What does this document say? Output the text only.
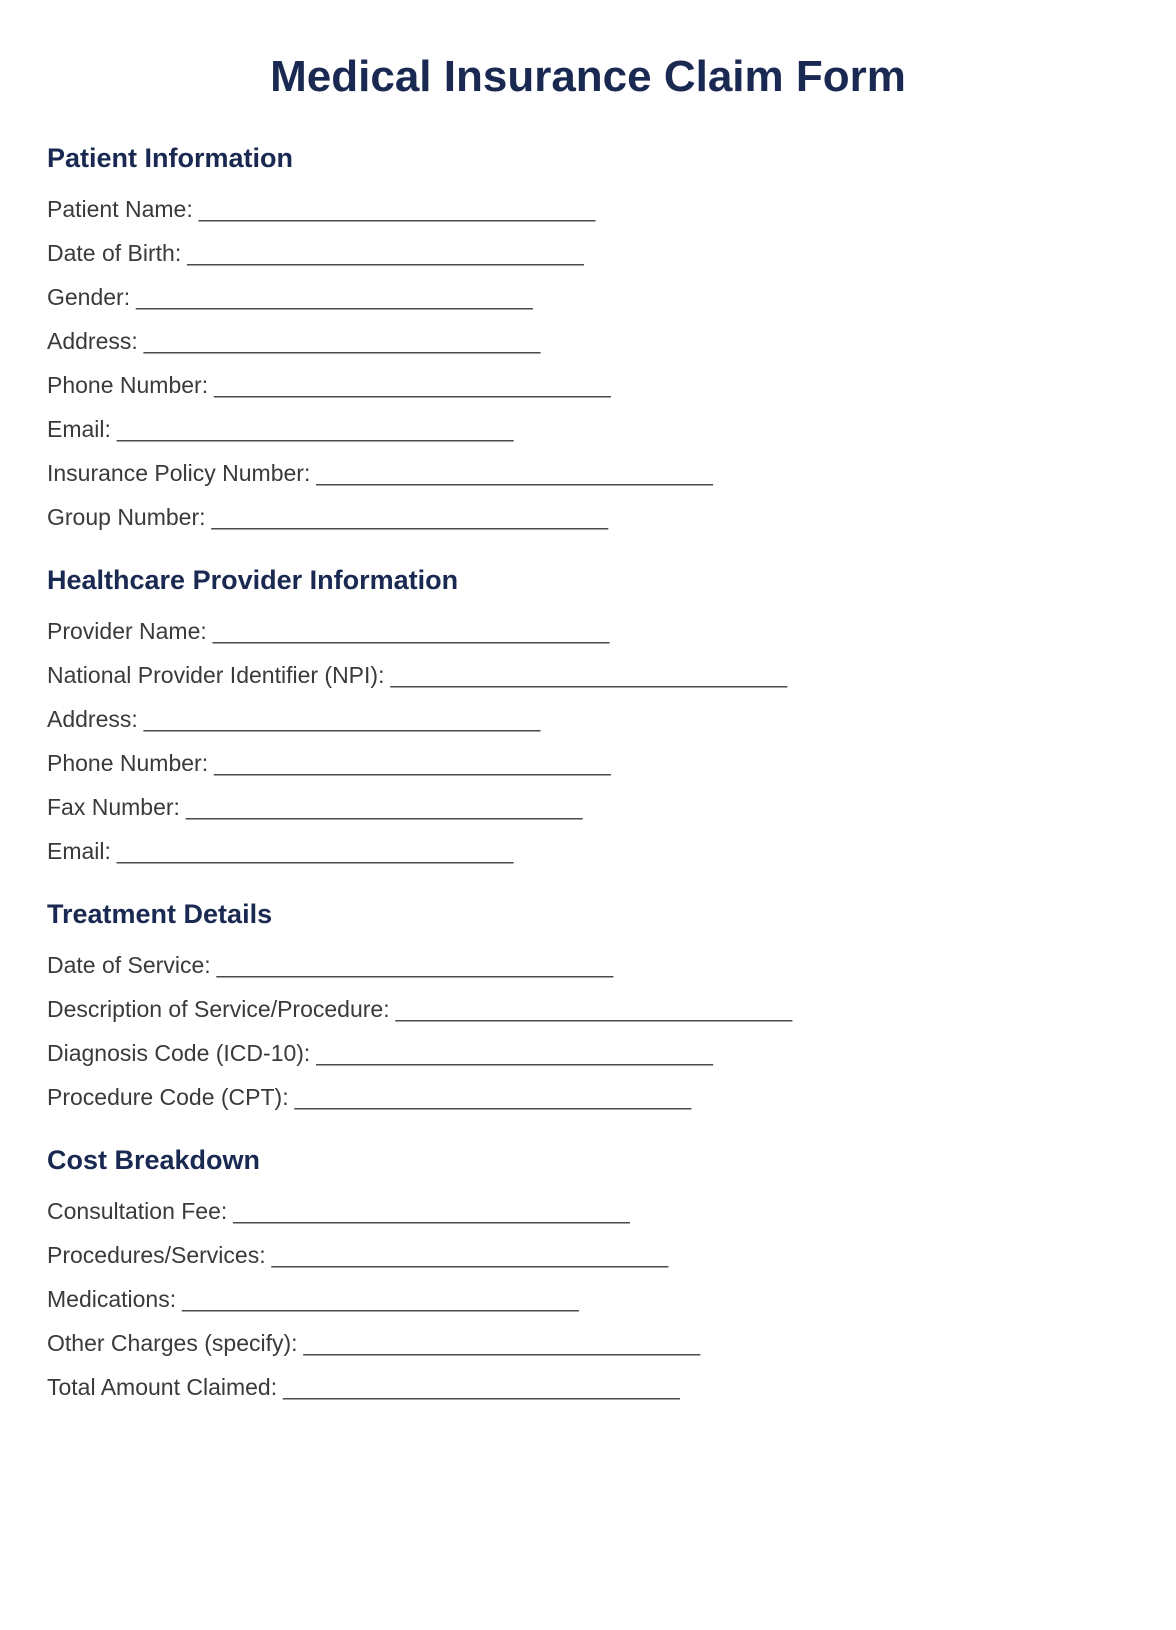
Medical Insurance Claim Form
Patient Information
Patient Name: _______________________________
Date of Birth: _______________________________
Gender: _______________________________
Address: _______________________________
Phone Number: _______________________________
Email: _______________________________
Insurance Policy Number: _______________________________
Group Number: _______________________________
Healthcare Provider Information
Provider Name: _______________________________
National Provider Identifier (NPI): _______________________________
Address: _______________________________
Phone Number: _______________________________
Fax Number: _______________________________
Email: _______________________________
Treatment Details
Date of Service: _______________________________
Description of Service/Procedure: _______________________________
Diagnosis Code (ICD-10): _______________________________
Procedure Code (CPT): _______________________________
Cost Breakdown
Consultation Fee: _______________________________
Procedures/Services: _______________________________
Medications: _______________________________
Other Charges (specify): _______________________________
Total Amount Claimed: _______________________________
